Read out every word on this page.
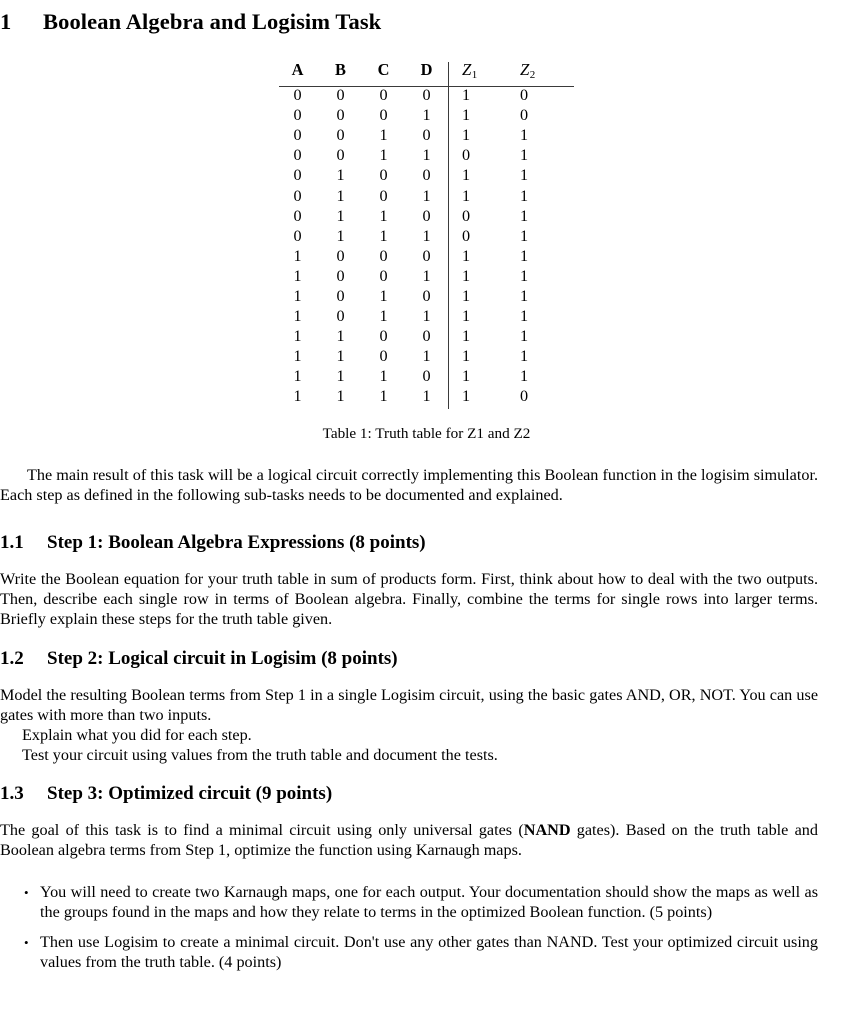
1 Boolean Algebra and Logisim Task
A	B	C	D	$Z_1$	$Z_2$
0	0	0	0	1	0
0	0	0	1	1	0
0	0	1	0	1	1
0	0	1	1	0	1
0	1	0	0	1	1
0	1	0	1	1	1
0	1	1	0	0	1
0	1	1	1	0	1
1	0	0	0	1	1
1	0	0	1	1	1
1	0	1	0	1	1
1	0	1	1	1	1
1	1	0	0	1	1
1	1	0	1	1	1
1	1	1	0	1	1
1	1	1	1	1	0
Table 1: Truth table for Z1 and Z2

The main result of this task will be a logical circuit correctly implementing this Boolean function in the logisim simulator. Each step as defined in the following sub-tasks needs to be documented and explained.

1.1 Step 1: Boolean Algebra Expressions (8 points)

Write the Boolean equation for your truth table in sum of products form. First, think about how to deal with the two outputs. Then, describe each single row in terms of Boolean algebra. Finally, combine the terms for single rows into larger terms. Briefly explain these steps for the truth table given.

1.2 Step 2: Logical circuit in Logisim (8 points)

Model the resulting Boolean terms from Step 1 in a single Logisim circuit, using the basic gates AND, OR, NOT. You can use gates with more than two inputs.

Explain what you did for each step.

Test your circuit using values from the truth table and document the tests.

1.3 Step 3: Optimized circuit (9 points)

The goal of this task is to find a minimal circuit using only universal gates (NAND gates). Based on the truth table and Boolean algebra terms from Step 1, optimize the function using Karnaugh maps.

• You will need to create two Karnaugh maps, one for each output. Your documentation should show the maps as well as the groups found in the maps and how they relate to terms in the optimized Boolean function. (5 points)
• Then use Logisim to create a minimal circuit. Don't use any other gates than NAND. Test your optimized circuit using values from the truth table. (4 points)
